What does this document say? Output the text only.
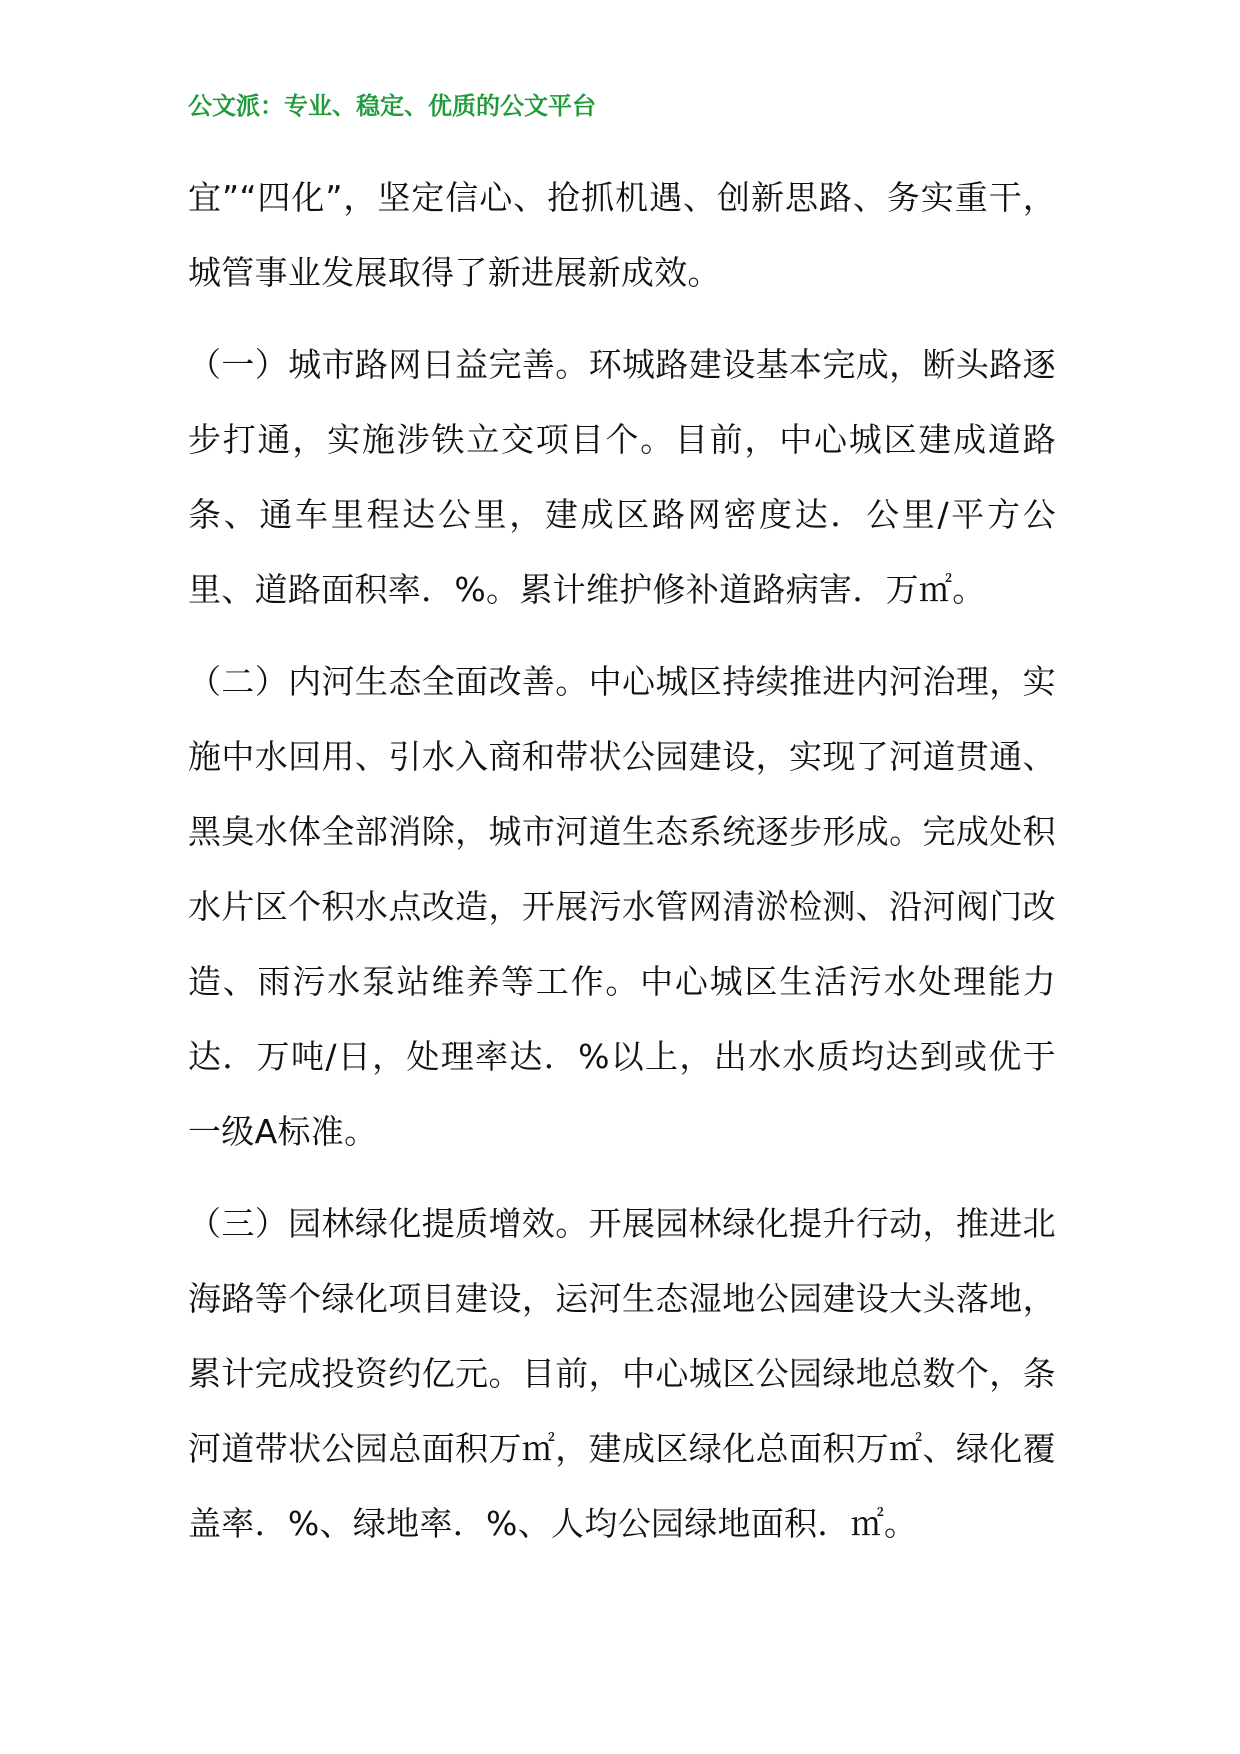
公文派：专业、稳定、优质的公文平台

宜”“四化”，坚定信心、抢抓机遇、创新思路、务实重干，城管事业发展取得了新进展新成效。

（一）城市路网日益完善。环城路建设基本完成，断头路逐步打通，实施涉铁立交项目个。目前，中心城区建成道路条、通车里程达公里，建成区路网密度达．公里/平方公里、道路面积率．%。累计维护修补道路病害．万㎡。

（二）内河生态全面改善。中心城区持续推进内河治理，实施中水回用、引水入商和带状公园建设，实现了河道贯通、黑臭水体全部消除，城市河道生态系统逐步形成。完成处积水片区个积水点改造，开展污水管网清淤检测、沿河阀门改造、雨污水泵站维养等工作。中心城区生活污水处理能力达．万吨/日，处理率达．%以上，出水水质均达到或优于一级A标准。

（三）园林绿化提质增效。开展园林绿化提升行动，推进北海路等个绿化项目建设，运河生态湿地公园建设大头落地，累计完成投资约亿元。目前，中心城区公园绿地总数个，条河道带状公园总面积万㎡，建成区绿化总面积万㎡、绿化覆盖率．%、绿地率．%、人均公园绿地面积．㎡。
